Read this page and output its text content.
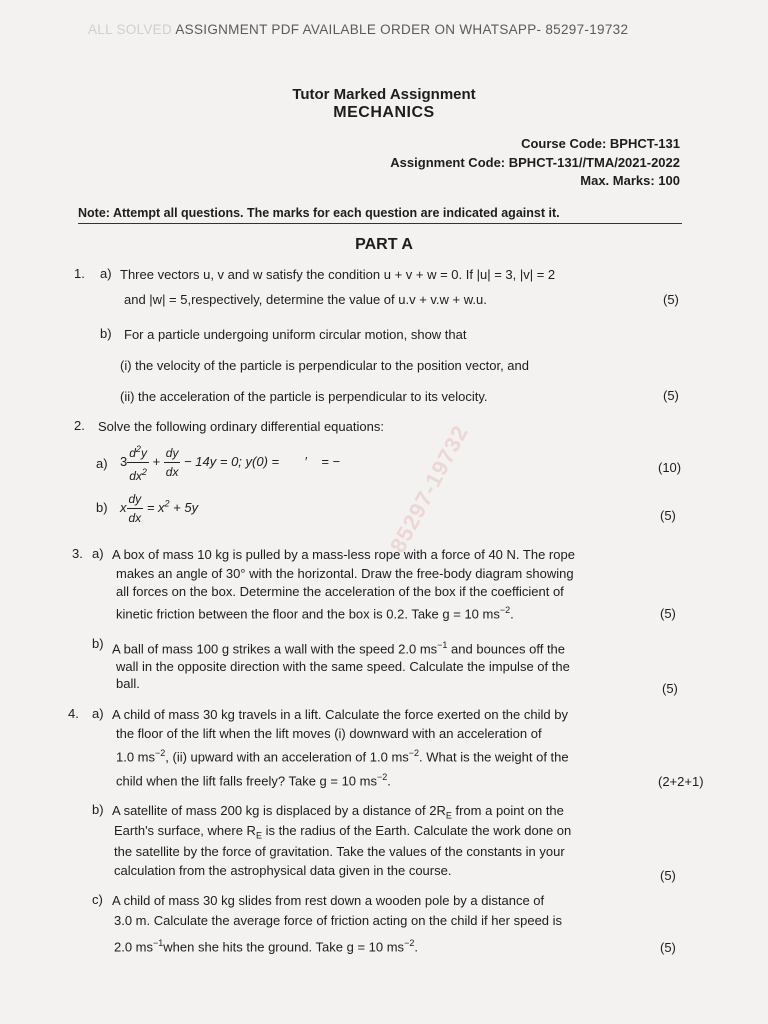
ALL SOLVED ASSIGNMENT PDF AVAILABLE ORDER ON WHATSAPP- 85297-19732
85297-19732
Tutor Marked Assignment
MECHANICS
Course Code: BPHCT-131
Assignment Code: BPHCT-131//TMA/2021-2022
Max. Marks: 100
Note: Attempt all questions. The marks for each question are indicated against it.
PART A
1. a) Three vectors u, v and w satisfy the condition u + v + w = 0. If |u| = 3, |v| = 2
and |w| = 5,respectively, determine the value of u.v + v.w + w.u.	(5)
b) For a particle undergoing uniform circular motion, show that
(i) the velocity of the particle is perpendicular to the position vector, and
(ii) the acceleration of the particle is perpendicular to its velocity.	(5)
2. Solve the following ordinary differential equations:
a) $3 \frac{d^2y}{dx^2} + \frac{dy}{dx} - 14y = 0$; y(0) =       ′    = −	(10)
b) x $\frac{dy}{dx} = x^2 + 5y$
(5)
3. a) A box of mass 10 kg is pulled by a mass-less rope with a force of 40 N. The rope
makes an angle of 30° with the horizontal. Draw the free-body diagram showing
all forces on the box. Determine the acceleration of the box if the coefficient of
kinetic friction between the floor and the box is 0.2. Take g = 10 $ms^{-2}$.	(5)
b) A ball of mass 100 g strikes a wall with the speed 2.0 $ms^{-1}$ and bounces off the
wall in the opposite direction with the same speed. Calculate the impulse of the
ball.	(5)
4. a) A child of mass 30 kg travels in a lift. Calculate the force exerted on the child by
the floor of the lift when the lift moves (i) downward with an acceleration of
1.0 $ms^{-2}$, (ii) upward with an acceleration of 1.0 $ms^{-2}$. What is the weight of the
child when the lift falls freely? Take g = 10 $ms^{-2}$.	(2+2+1)
b) A satellite of mass 200 kg is displaced by a distance of $2R_E$ from a point on the
Earth's surface, where $R_E$ is the radius of the Earth. Calculate the work done on
the satellite by the force of gravitation. Take the values of the constants in your
calculation from the astrophysical data given in the course.	(5)
c) A child of mass 30 kg slides from rest down a wooden pole by a distance of
3.0 m. Calculate the average force of friction acting on the child if her speed is
2.0 $ms^{-1}when$ she hits the ground. Take g = 10 $ms^{-2}$.	(5)
